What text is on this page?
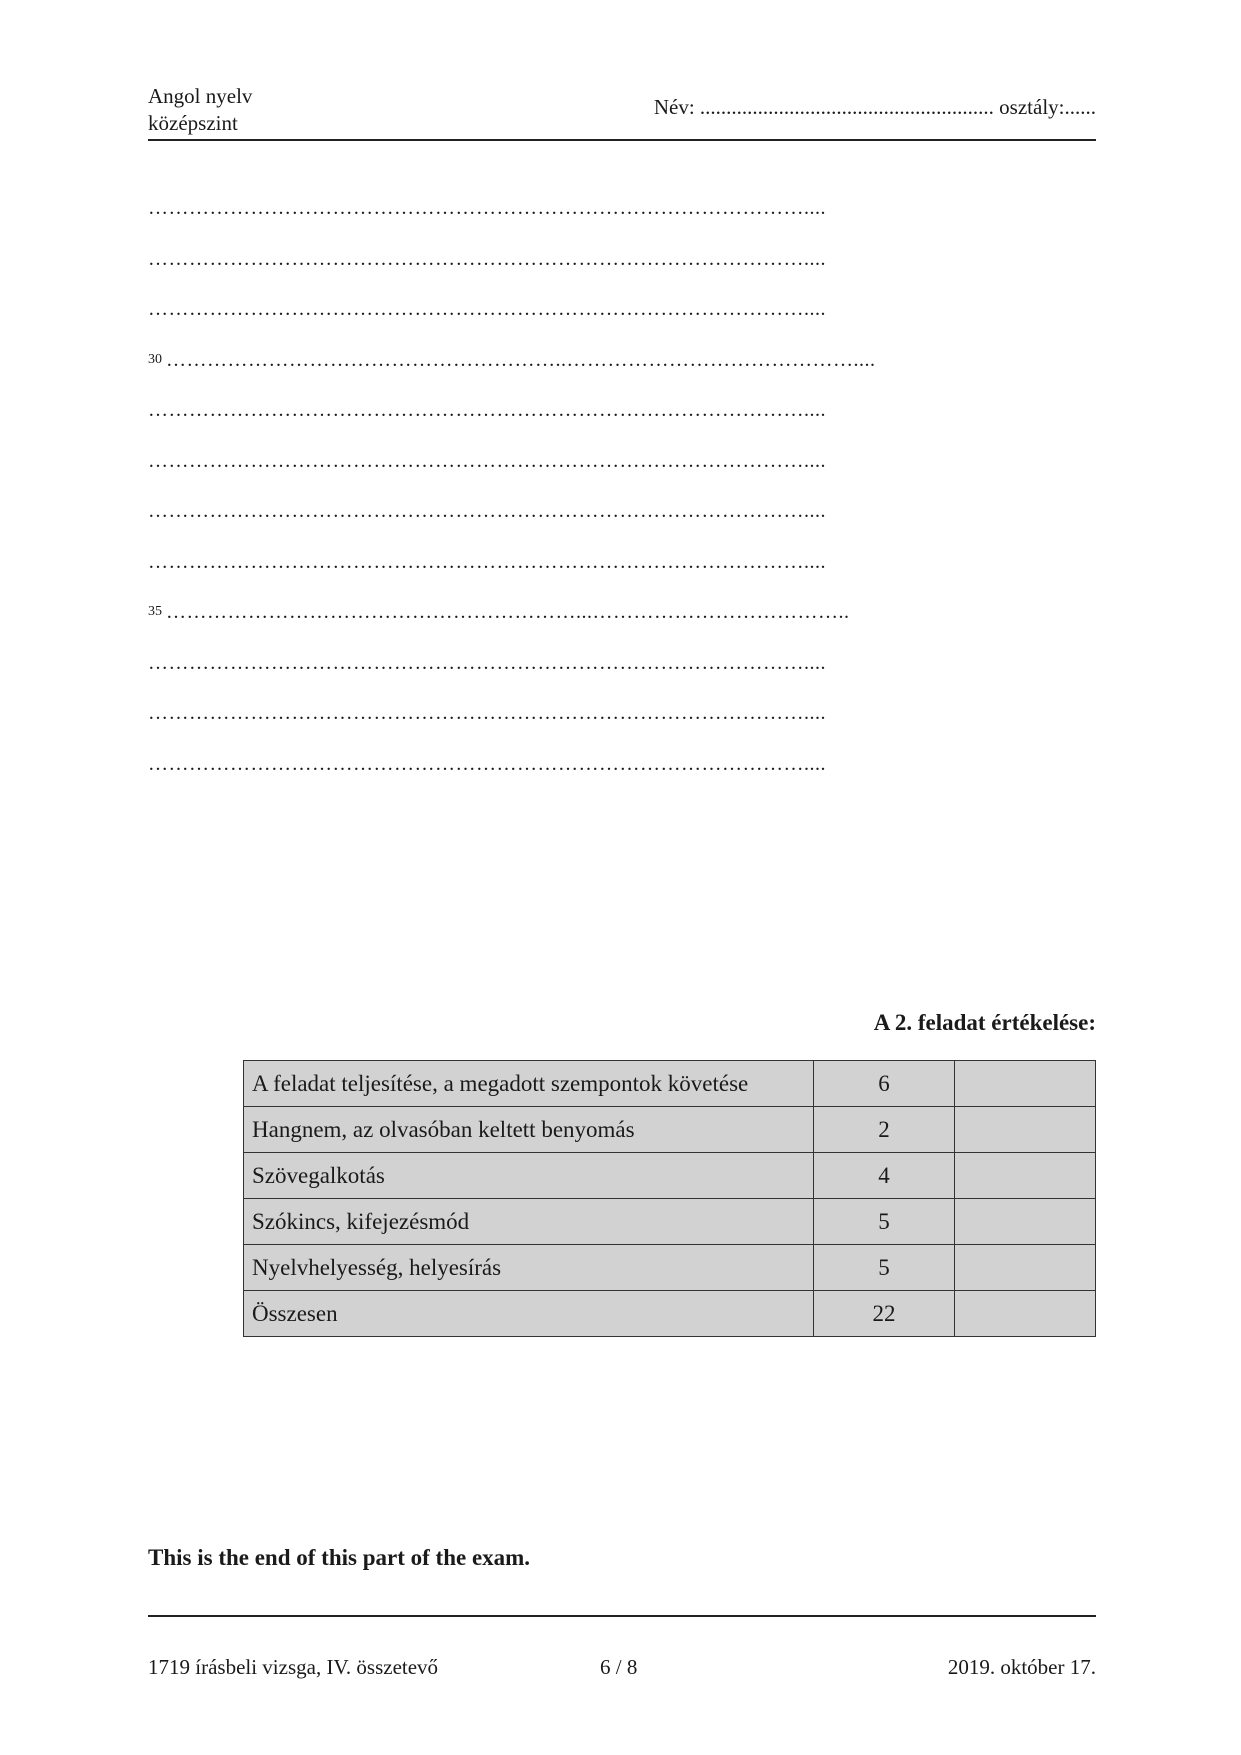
Angol nyelv
középszint
Név: ........................................................ osztály:......
……………………………………………………………………………………....
……………………………………………………………………………………....
……………………………………………………………………………………....
30 …………………………………………………..……………………………………....
……………………………………………………………………………………....
……………………………………………………………………………………....
……………………………………………………………………………………....
……………………………………………………………………………………....
35 ……………………………………………………...………………………………..
……………………………………………………………………………………....
……………………………………………………………………………………....
……………………………………………………………………………………....
A 2. feladat értékelése:
A feladat teljesítése, a megadott szempontok követése	6	
Hangnem, az olvasóban keltett benyomás	2	
Szövegalkotás	4	
Szókincs, kifejezésmód	5	
Nyelvhelyesség, helyesírás	5	
Összesen	22	
This is the end of this part of the exam.
1719 írásbeli vizsga, IV. összetevő	6 / 8	2019. október 17.
